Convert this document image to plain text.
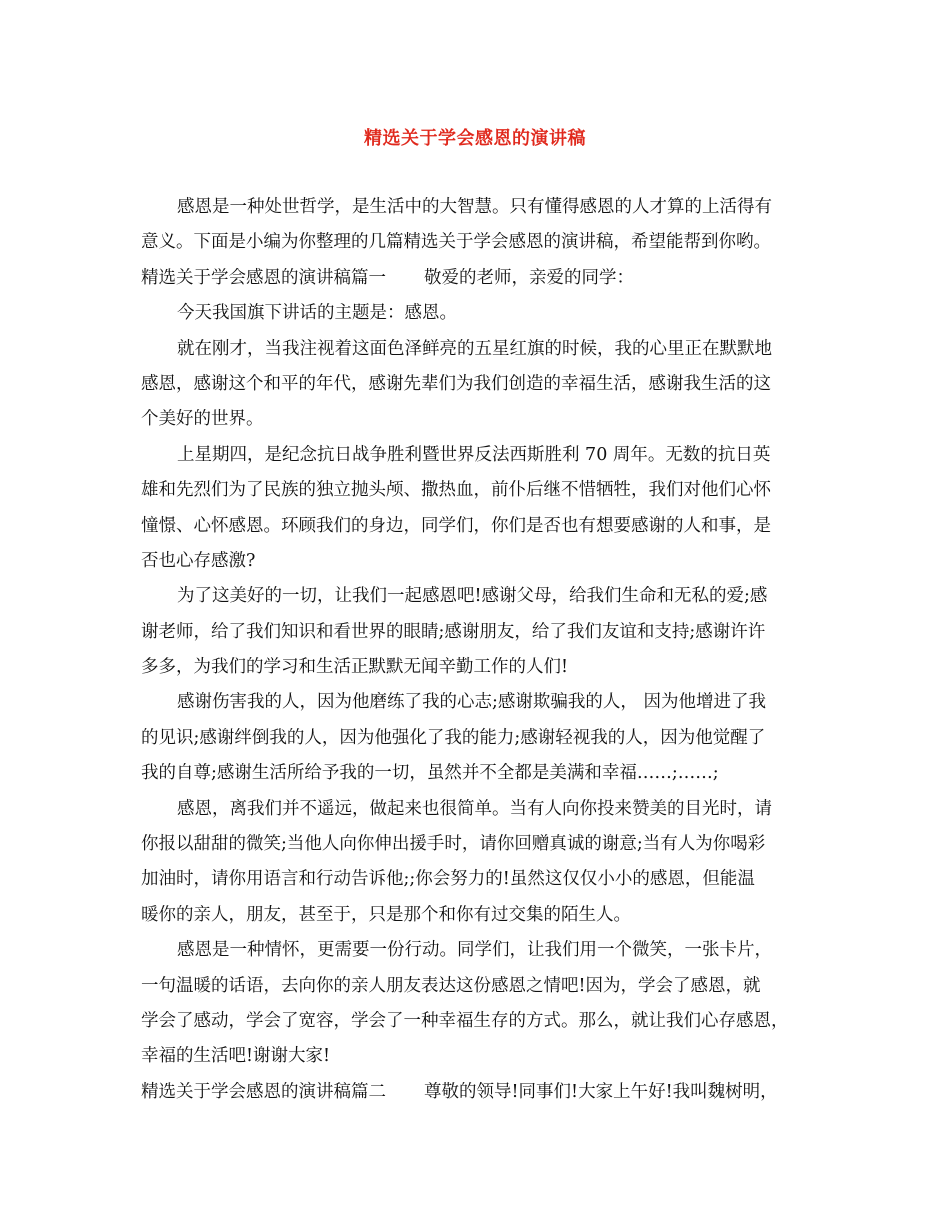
精选关于学会感恩的演讲稿
感恩是一种处世哲学，是生活中的大智慧。只有懂得感恩的人才算的上活得有
意义。下面是小编为你整理的几篇精选关于学会感恩的演讲稿，希望能帮到你哟。
精选关于学会感恩的演讲稿篇一 敬爱的老师，亲爱的同学：
今天我国旗下讲话的主题是：感恩。
就在刚才，当我注视着这面色泽鲜亮的五星红旗的时候，我的心里正在默默地
感恩，感谢这个和平的年代，感谢先辈们为我们创造的幸福生活，感谢我生活的这
个美好的世界。
上星期四，是纪念抗日战争胜利暨世界反法西斯胜利 70 周年。无数的抗日英
雄和先烈们为了民族的独立抛头颅、撒热血，前仆后继不惜牺牲，我们对他们心怀
憧憬、心怀感恩。环顾我们的身边，同学们，你们是否也有想要感谢的人和事，是
否也心存感激?
为了这美好的一切，让我们一起感恩吧!感谢父母，给我们生命和无私的爱;感
谢老师，给了我们知识和看世界的眼睛;感谢朋友，给了我们友谊和支持;感谢许许
多多，为我们的学习和生活正默默无闻辛勤工作的人们!
感谢伤害我的人，因为他磨练了我的心志;感谢欺骗我的人， 因为他增进了我
的见识;感谢绊倒我的人，因为他强化了我的能力;感谢轻视我的人，因为他觉醒了
我的自尊;感谢生活所给予我的一切，虽然并不全都是美满和幸福……;……;
感恩，离我们并不遥远，做起来也很简单。当有人向你投来赞美的目光时，请
你报以甜甜的微笑;当他人向你伸出援手时，请你回赠真诚的谢意;当有人为你喝彩
加油时，请你用语言和行动告诉他;;你会努力的!虽然这仅仅小小的感恩，但能温
暖你的亲人，朋友，甚至于，只是那个和你有过交集的陌生人。
感恩是一种情怀，更需要一份行动。同学们，让我们用一个微笑，一张卡片，
一句温暖的话语，去向你的亲人朋友表达这份感恩之情吧!因为，学会了感恩，就
学会了感动，学会了宽容，学会了一种幸福生存的方式。那么，就让我们心存感恩，
幸福的生活吧!谢谢大家!
精选关于学会感恩的演讲稿篇二 尊敬的领导!同事们!大家上午好!我叫魏树明，
